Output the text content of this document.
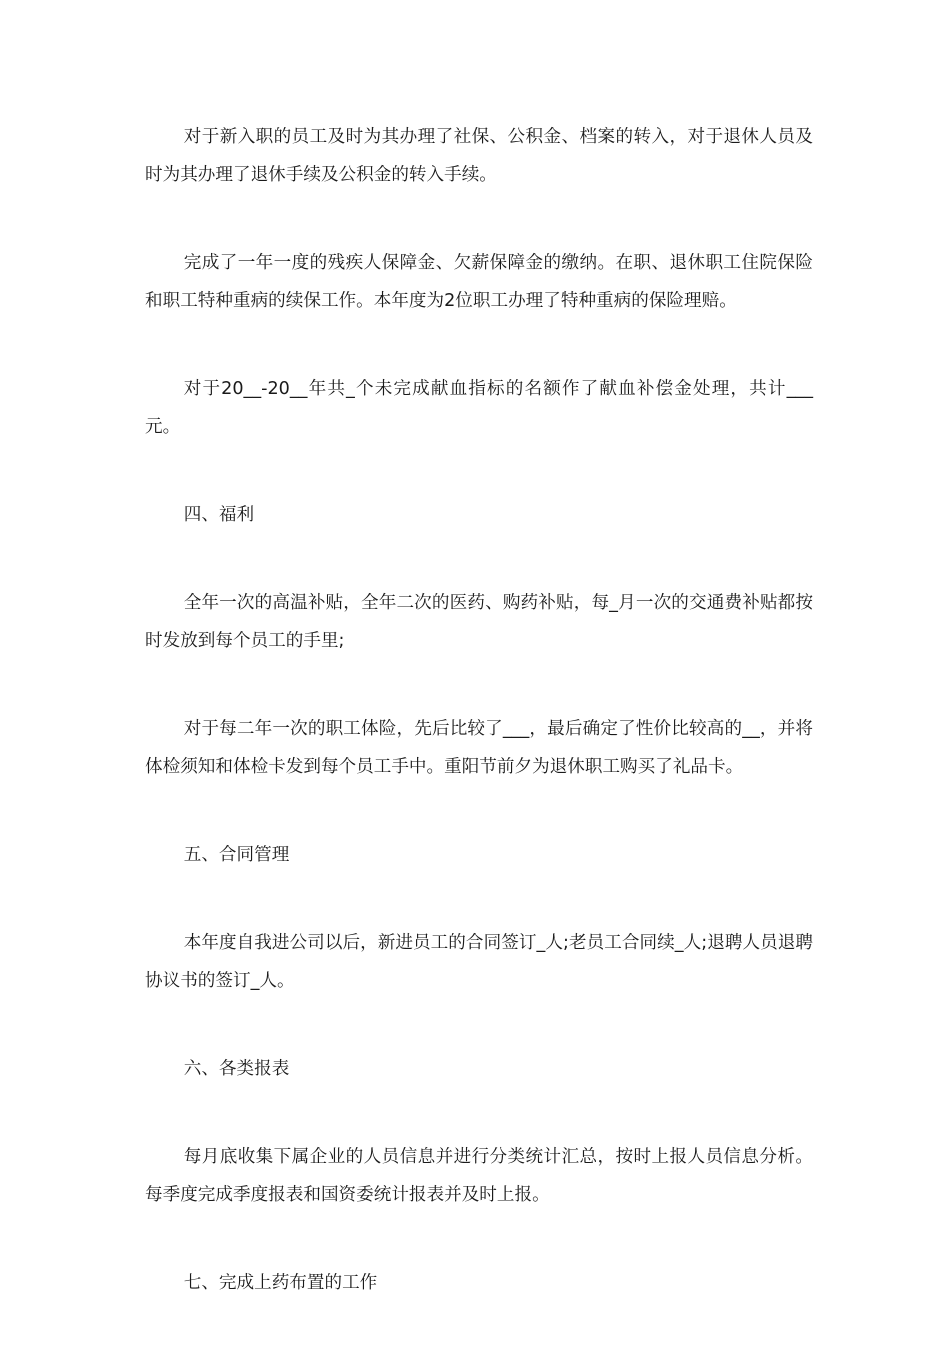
对于新入职的员工及时为其办理了社保、公积金、档案的转入，对于退休人员及时为其办理了退休手续及公积金的转入手续。

完成了一年一度的残疾人保障金、欠薪保障金的缴纳。在职、退休职工住院保险和职工特种重病的续保工作。本年度为2位职工办理了特种重病的保险理赔。

对于20__-20__年共_个未完成献血指标的名额作了献血补偿金处理，共计___元。

四、福利

全年一次的高温补贴，全年二次的医药、购药补贴，每_月一次的交通费补贴都按时发放到每个员工的手里;

对于每二年一次的职工体险，先后比较了___，最后确定了性价比较高的__，并将体检须知和体检卡发到每个员工手中。重阳节前夕为退休职工购买了礼品卡。

五、合同管理

本年度自我进公司以后，新进员工的合同签订_人;老员工合同续_人;退聘人员退聘协议书的签订_人。

六、各类报表

每月底收集下属企业的人员信息并进行分类统计汇总，按时上报人员信息分析。每季度完成季度报表和国资委统计报表并及时上报。

七、完成上药布置的工作
